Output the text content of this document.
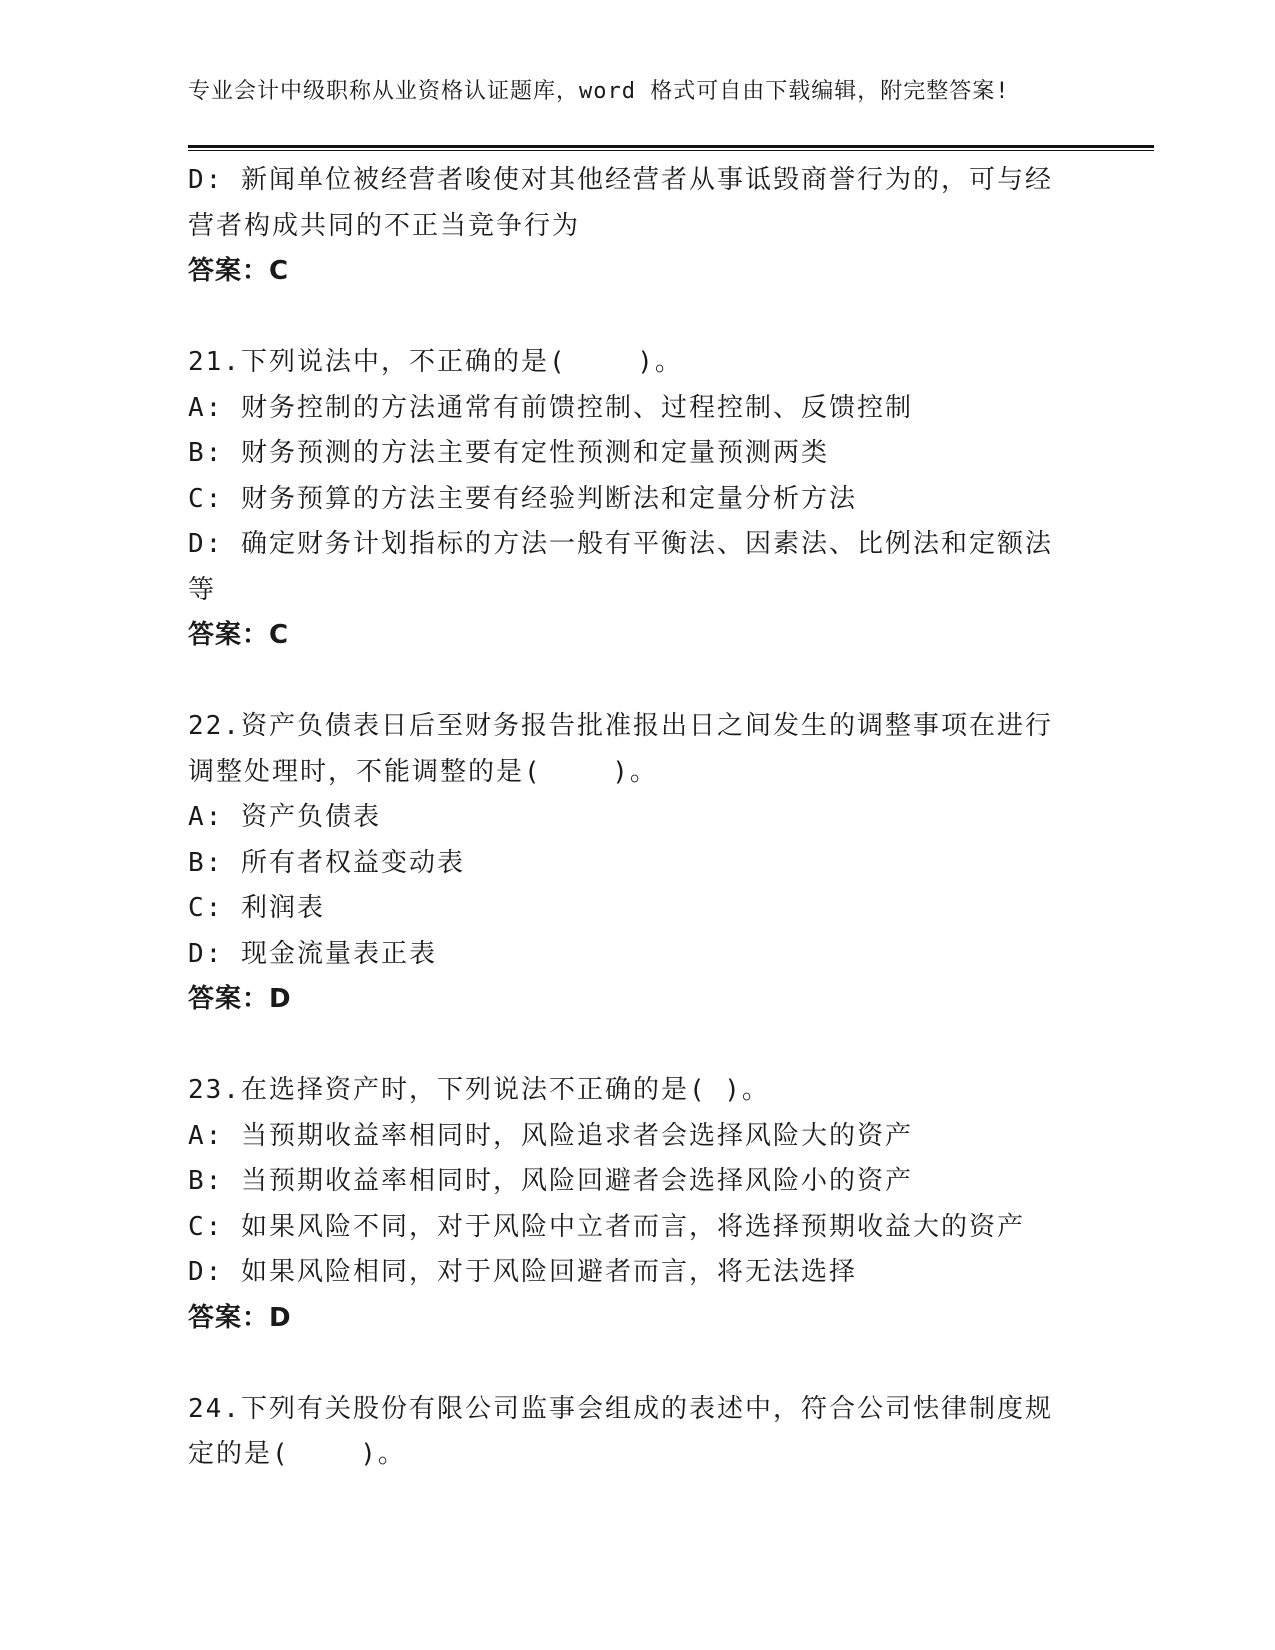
专业会计中级职称从业资格认证题库，word 格式可自由下载编辑，附完整答案!
D: 新闻单位被经营者唆使对其他经营者从事诋毁商誉行为的，可与经
营者构成共同的不正当竞争行为
答案：C
21.下列说法中，不正确的是(    )。
A: 财务控制的方法通常有前馈控制、过程控制、反馈控制
B: 财务预测的方法主要有定性预测和定量预测两类
C: 财务预算的方法主要有经验判断法和定量分析方法
D: 确定财务计划指标的方法一般有平衡法、因素法、比例法和定额法
等
答案：C
22.资产负债表日后至财务报告批准报出日之间发生的调整事项在进行
调整处理时，不能调整的是(    )。
A: 资产负债表
B: 所有者权益变动表
C: 利润表
D: 现金流量表正表
答案：D
23.在选择资产时，下列说法不正确的是( )。
A: 当预期收益率相同时，风险追求者会选择风险大的资产
B: 当预期收益率相同时，风险回避者会选择风险小的资产
C: 如果风险不同，对于风险中立者而言，将选择预期收益大的资产
D: 如果风险相同，对于风险回避者而言，将无法选择
答案：D
24.下列有关股份有限公司监事会组成的表述中，符合公司怯律制度规
定的是(    )。
